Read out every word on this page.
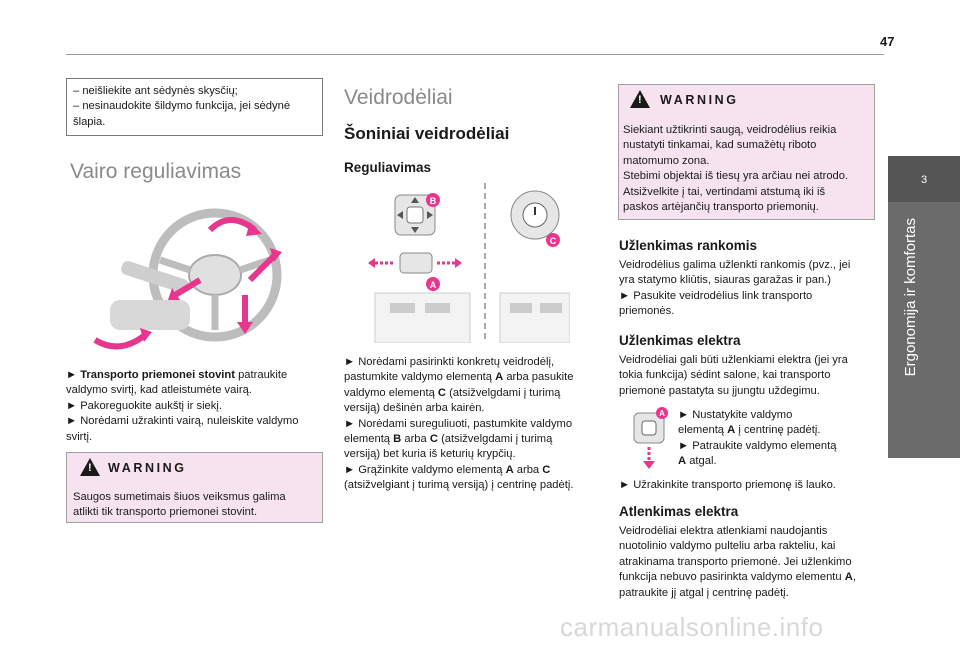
47
3
Ergonomija ir komfortas

– neišliekite ant sėdynės skysčių;

– nesinaudokite šildymo funkcija, jei sėdynė

šlapia.

Vairo reguliavimas

► Transporto priemonei stovint patraukite

valdymo svirtį, kad atleistumėte vairą.

► Pakoreguokite aukštį ir siekį.

► Norėdami užrakinti vairą, nuleiskite valdymo

svirtį.

! WARNING

Saugos sumetimais šiuos veiksmus galima

atlikti tik transporto priemonei stovint.

Veidrodėliai
Šoniniai veidrodėliai
Reguliavimas
B
A
C

► Norėdami pasirinkti konkretų veidrodėlį,

pastumkite valdymo elementą A arba pasukite

valdymo elementą C (atsižvelgdami į turimą

versiją) dešinėn arba kairėn.

► Norėdami sureguliuoti, pastumkite valdymo

elementą B arba C (atsižvelgdami į turimą

versiją) bet kuria iš keturių krypčių.

► Grąžinkite valdymo elementą A arba C

(atsižvelgiant į turimą versiją) į centrinę padėtį.

! WARNING

Siekiant užtikrinti saugą, veidrodėlius reikia

nustatyti tinkamai, kad sumažėtų riboto

matomumo zona.

Stebimi objektai iš tiesų yra arčiau nei atrodo.

Atsižvelkite į tai, vertindami atstumą iki iš

paskos artėjančių transporto priemonių.

Užlenkimas rankomis

Veidrodėlius galima užlenkti rankomis (pvz., jei

yra statymo kliūtis, siauras garažas ir pan.)

► Pasukite veidrodėlius link transporto

priemonės.

Užlenkimas elektra

Veidrodėliai gali būti užlenkiami elektra (jei yra

tokia funkcija) sėdint salone, kai transporto

priemonė pastatyta su įjungtu uždegimu.

A ► Nustatykite valdymo

elementą A į centrinę padėtį.

► Patraukite valdymo elementą

A atgal.

► Užrakinkite transporto priemonę iš lauko.

Atlenkimas elektra

Veidrodėliai elektra atlenkiami naudojantis

nuotolinio valdymo pulteliu arba rakteliu, kai

atrakinama transporto priemonė. Jei užlenkimo

funkcija nebuvo pasirinkta valdymo elementu A,

patraukite jį atgal į centrinę padėtį.

carmanualsonline.info
